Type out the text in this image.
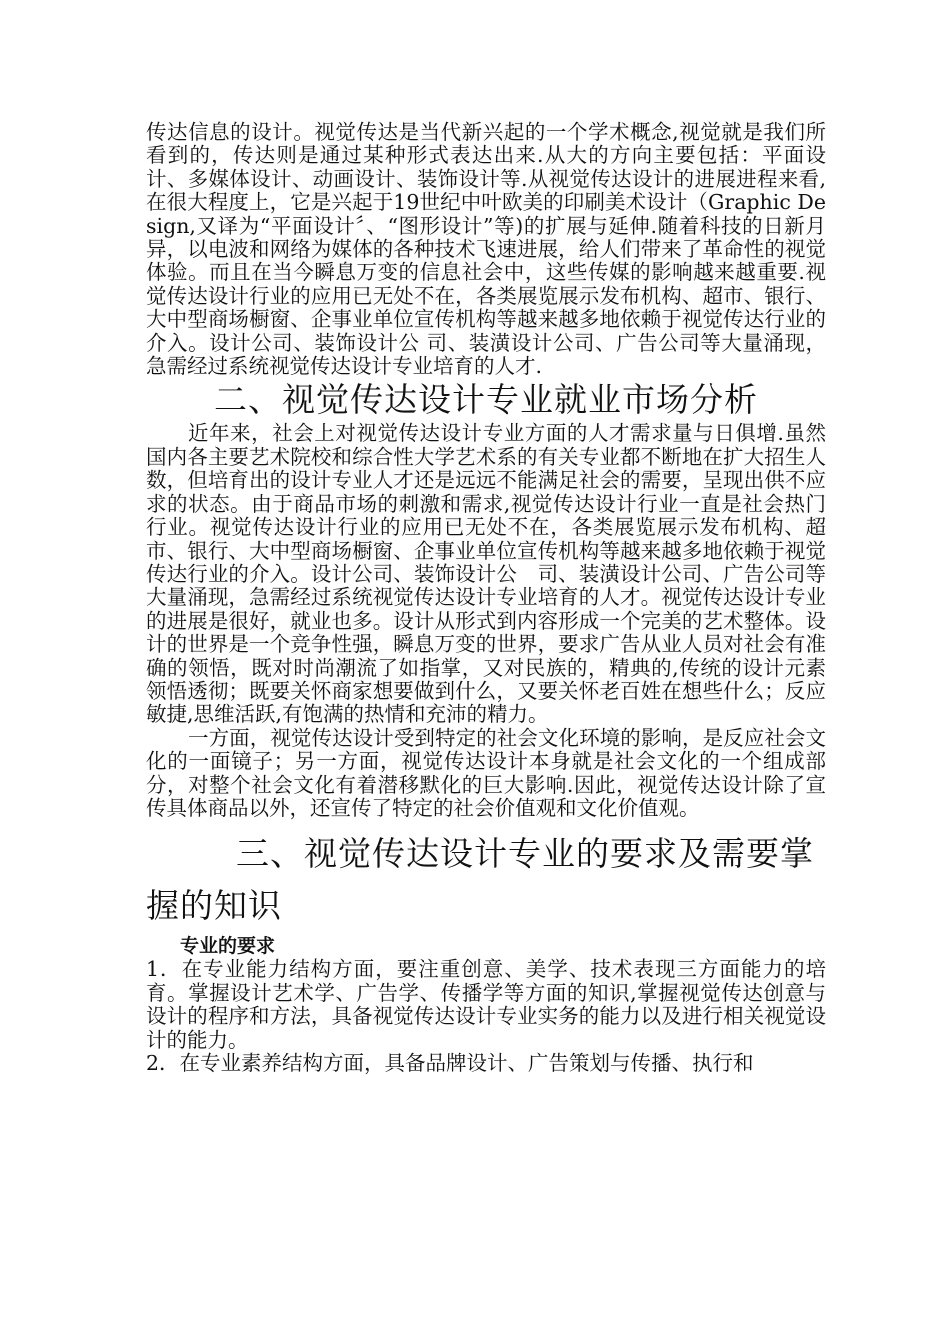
传达信息的设计。视觉传达是当代新兴起的一个学术概念,视觉就是我们所看到的，传达则是通过某种形式表达出来.从大的方向主要包括：平面设计、多媒体设计、动画设计、装饰设计等.从视觉传达设计的进展进程来看,在很大程度上，它是兴起于19世纪中叶欧美的印刷美术设计（Graphic Design,又译为“平面设计〞、“图形设计”等)的扩展与延伸.随着科技的日新月异，以电波和网络为媒体的各种技术飞速进展，给人们带来了革命性的视觉体验。而且在当今瞬息万变的信息社会中，这些传媒的影响越来越重要.视觉传达设计行业的应用已无处不在，各类展览展示发布机构、超市、银行、大中型商场橱窗、企事业单位宣传机构等越来越多地依赖于视觉传达行业的介入。设计公司、装饰设计公 司、装潢设计公司、广告公司等大量涌现，急需经过系统视觉传达设计专业培育的人才.

二、视觉传达设计专业就业市场分析

近年来，社会上对视觉传达设计专业方面的人才需求量与日俱增.虽然国内各主要艺术院校和综合性大学艺术系的有关专业都不断地在扩大招生人数，但培育出的设计专业人才还是远远不能满足社会的需要，呈现出供不应求的状态。由于商品市场的刺激和需求,视觉传达设计行业一直是社会热门行业。视觉传达设计行业的应用已无处不在，各类展览展示发布机构、超市、银行、大中型商场橱窗、企事业单位宣传机构等越来越多地依赖于视觉传达行业的介入。设计公司、装饰设计公　司、装潢设计公司、广告公司等大量涌现，急需经过系统视觉传达设计专业培育的人才。视觉传达设计专业的进展是很好，就业也多。设计从形式到内容形成一个完美的艺术整体。设计的世界是一个竞争性强，瞬息万变的世界，要求广告从业人员对社会有准确的领悟，既对时尚潮流了如指掌，又对民族的，精典的,传统的设计元素领悟透彻；既要关怀商家想要做到什么，又要关怀老百姓在想些什么；反应敏捷,思维活跃,有饱满的热情和充沛的精力。

一方面，视觉传达设计受到特定的社会文化环境的影响，是反应社会文化的一面镜子；另一方面，视觉传达设计本身就是社会文化的一个组成部分，对整个社会文化有着潜移默化的巨大影响.因此，视觉传达设计除了宣传具体商品以外，还宣传了特定的社会价值观和文化价值观。

三、视觉传达设计专业的要求及需要掌握的知识
专业的要求

1．在专业能力结构方面，要注重创意、美学、技术表现三方面能力的培育。掌握设计艺术学、广告学、传播学等方面的知识,掌握视觉传达创意与设计的程序和方法，具备视觉传达设计专业实务的能力以及进行相关视觉设计的能力。

2．在专业素养结构方面，具备品牌设计、广告策划与传播、执行和
